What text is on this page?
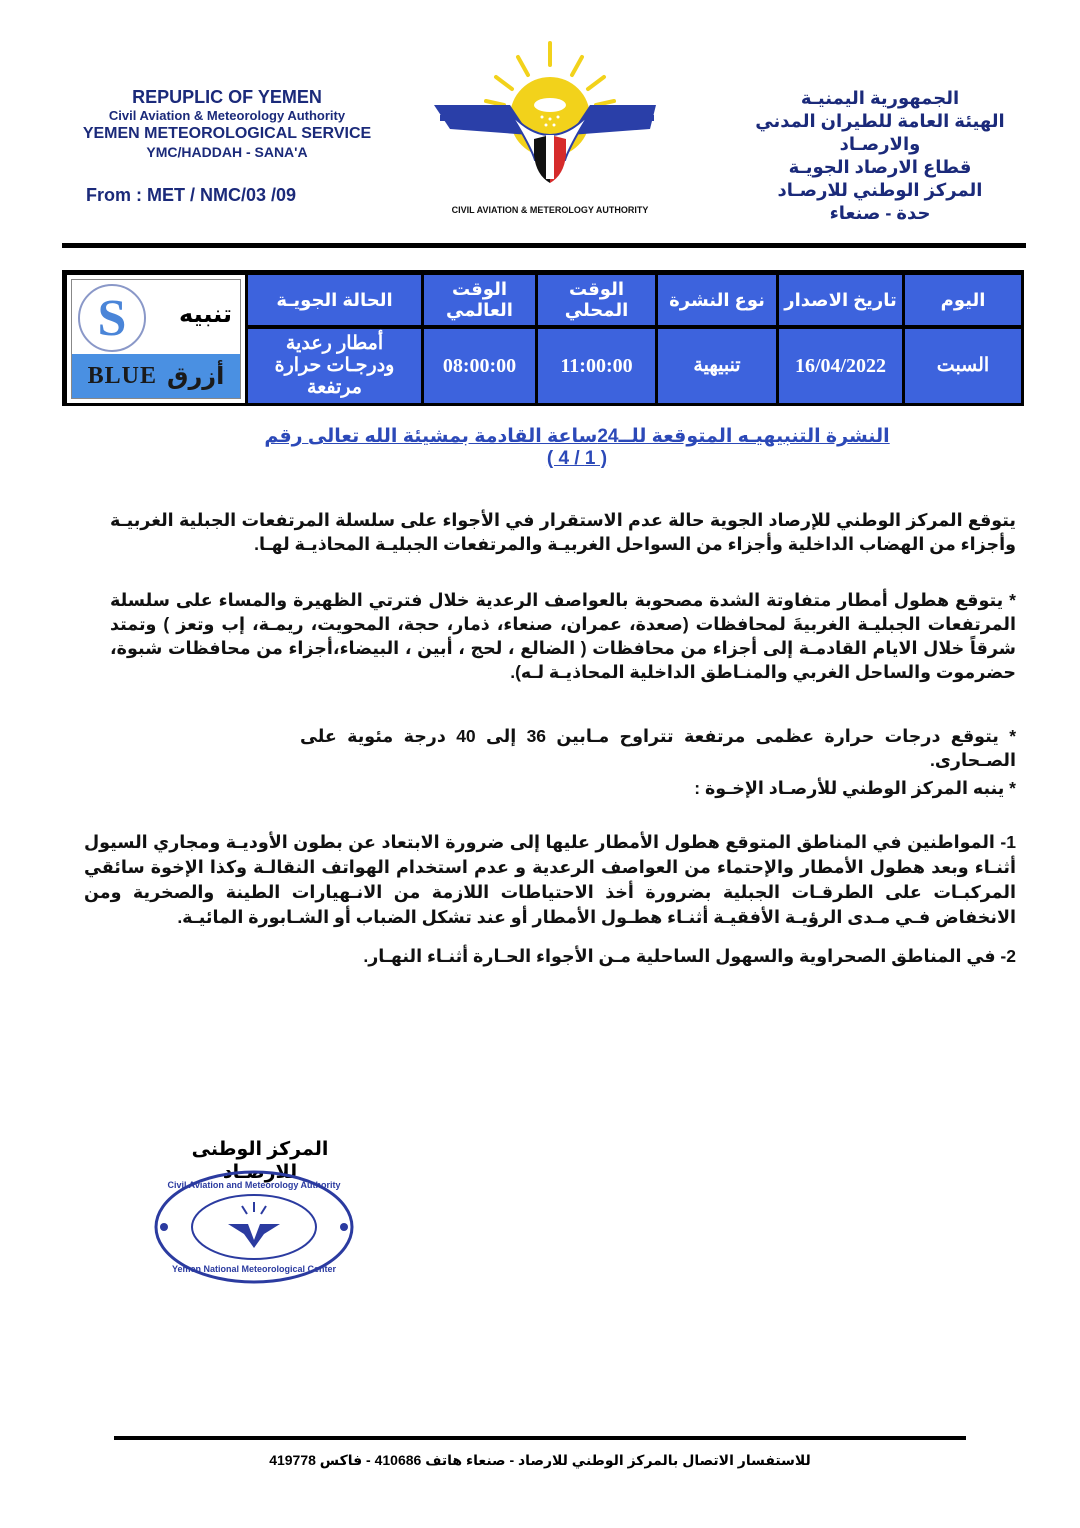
REPUPLIC OF YEMEN
Civil Aviation & Meteorology Authority
YEMEN METEOROLOGICAL SERVICE
YMC/HADDAH - SANA'A
From : MET / NMC/03 /09
CIVIL AVIATION & METEROLOGY AUTHORITY
الجمهورية اليمنيـة
الهيئة العامة للطيران المدني والارصـاد
قطاع الارصاد الجويـة
المركز الوطني للارصـاد
حدة - صنعاء
S	تنبيه
BLUE أزرق
اليوم
تاريخ الاصدار
نوع النشرة
الوقت المحلي
الوقت العالمي
الحالة الجويـة
السبت
16/04/2022
تنبيهية
11:00:00
08:00:00
أمطار رعدية ودرجـات حرارة مرتفعة
النشرة التنبيهيـه المتوقعة للــ24ساعة القادمة بمشيئة الله تعالى رقم ( 1 / 4 )
يتوقع المركز الوطني للإرصاد الجوية حالة عدم الاستقرار في الأجواء على سلسلة المرتفعات الجبلية الغربيـة وأجزاء من الهضاب الداخلية وأجزاء من السواحل الغربيـة والمرتفعات الجبليـة المحاذيـة لهـا.
* يتوقع هطول أمطار متفاوتة الشدة مصحوبة بالعواصف الرعدية خلال فترتي الظهيرة والمساء على سلسلة المرتفعات الجبليـة الغربيةَ لمحافظات (صعدة، عمران، صنعاء، ذمار، حجة، المحويت، ريمـة، إب وتعز ) وتمتد شرقاً خلال الايام القادمـة إلى أجزاء من محافظات ( الضالع ، لحج ، أبين ، البيضاء،أجزاء من محافظات شبوة، حضرموت والساحل الغربي والمنـاطق الداخلية المحاذيـة لـه).
* يتوقع درجات حرارة عظمى مرتفعة تتراوح مـابين 36 إلى 40 درجة مئوية على الصـحارى.
* ينبه المركز الوطني للأرصـاد الإخـوة :
1- المواطنين في المناطق المتوقع هطول الأمطار عليها إلى ضرورة الابتعاد عن بطون الأوديـة ومجاري السيول أثنـاء وبعد هطول الأمطار والإحتماء من العواصف الرعدية و عدم استخدام الهواتف النقالـة وكذا الإخوة سائقي المركبـات على الطرقـات الجبلية بضرورة أخذ الاحتياطات اللازمة من الانـهيارات الطينة والصخرية ومن الانخفاض فـي مـدى الرؤيـة الأفقيـة أثنـاء هطـول الأمطار أو عند تشكل الضباب أو الشـابورة المائيـة.
2- في المناطق الصحراوية والسهول الساحلية مـن الأجواء الحـارة أثنـاء النهـار.
المركز الوطنى للارصـاد
Civil Aviation and Meteorology Authority
Yemen National Meteorological Center
للاستفسار الاتصال بالمركز الوطني للارصاد - صنعاء هاتف 410686 - فاكس 419778
